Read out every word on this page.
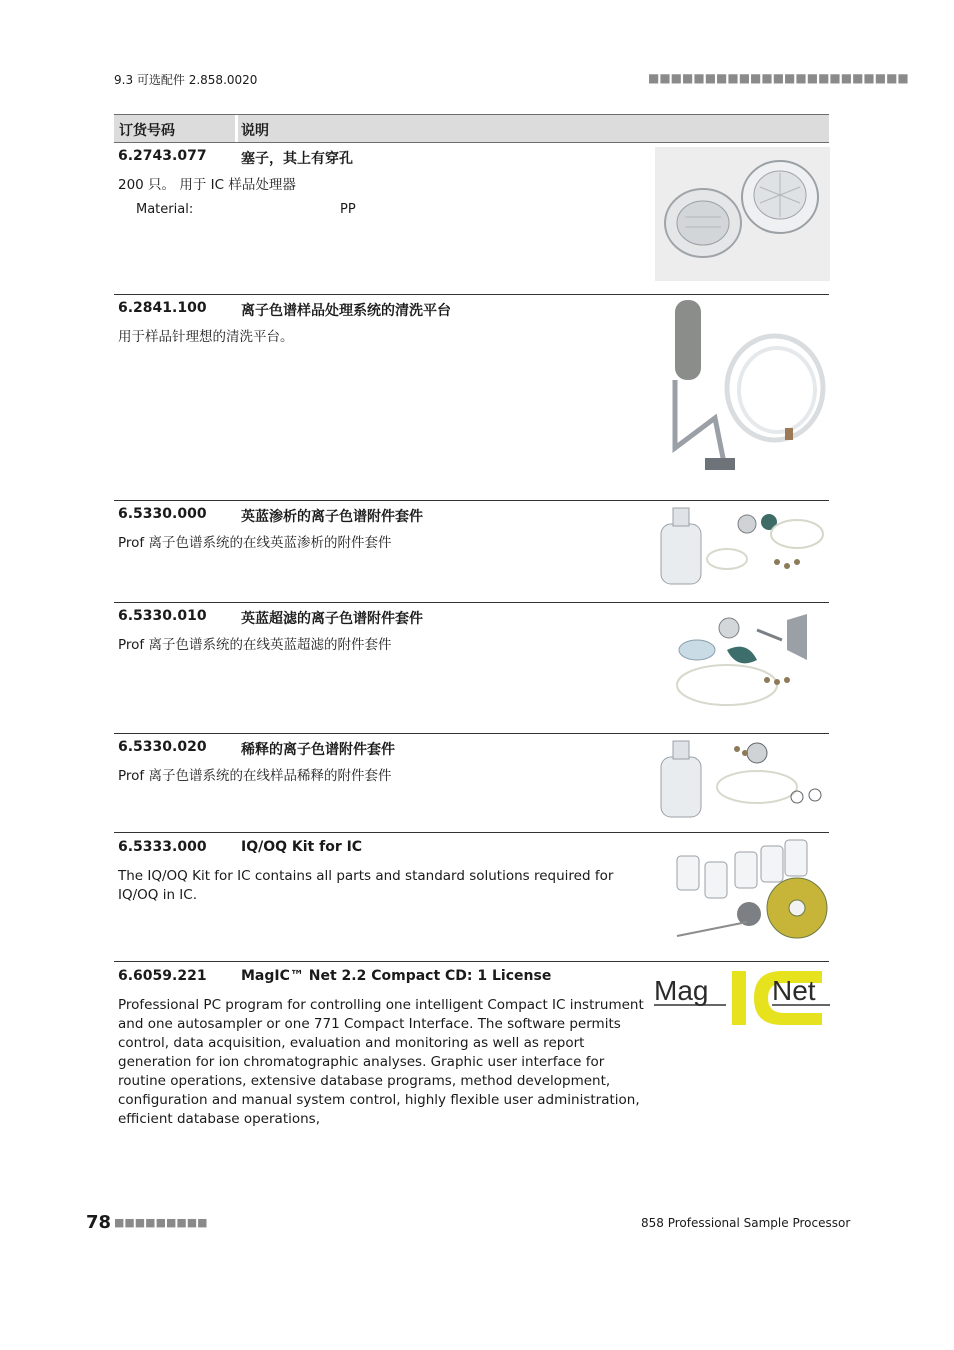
9.3 可选配件 2.858.0020	■■■■■■■■■■■■■■■■■■■■■■■
订货号码	说明
6.2743.077 塞子，其上有穿孔
200 只。 用于 IC 样品处理器
Material:	PP
6.2841.100 离子色谱样品处理系统的清洗平台
用于样品针理想的清洗平台。
6.5330.000 英蓝渗析的离子色谱附件套件
Prof 离子色谱系统的在线英蓝渗析的附件套件
6.5330.010 英蓝超滤的离子色谱附件套件
Prof 离子色谱系统的在线英蓝超滤的附件套件
6.5330.020 稀释的离子色谱附件套件
Prof 离子色谱系统的在线样品稀释的附件套件
6.5333.000 IQ/OQ Kit for IC
The IQ/OQ Kit for IC contains all parts and standard solutions required for IQ/OQ in IC.
6.6059.221 MagIC™ Net 2.2 Compact CD: 1 License
Professional PC program for controlling one intelligent Compact IC instrument and one autosampler or one 771 Compact Interface. The software permits control, data acquisition, evaluation and monitoring as well as report generation for ion chromatographic analyses. Graphic user interface for routine operations, extensive database programs, method development, configuration and manual system control, highly flexible user administration, efficient database operations,
Mag Net
78 ■■■■■■■■■	858 Professional Sample Processor
